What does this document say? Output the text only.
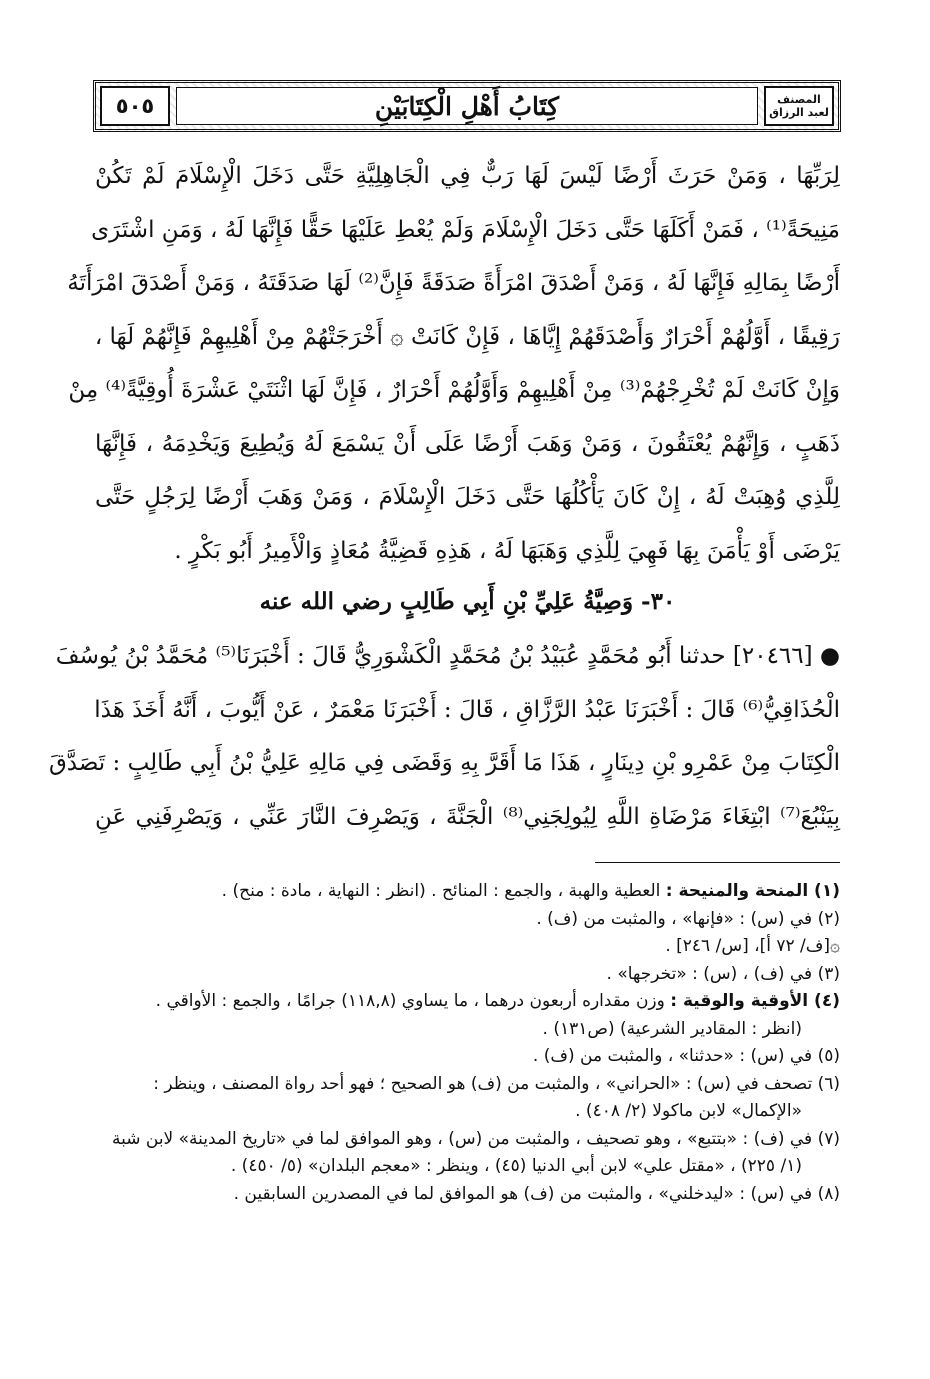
٥٠٥	كِتَابُ أَهْلِ الْكِتَابَيْنِ	المصنف
لعبد الرزاق
لِرَبِّهَا ، وَمَنْ حَرَثَ أَرْضًا لَيْسَ لَهَا رَبٌّ فِي الْجَاهِلِيَّةِ حَتَّى دَخَلَ الْإِسْلَامَ لَمْ تَكُنْ
مَنِيحَةً⁽¹⁾ ، فَمَنْ أَكَلَهَا حَتَّى دَخَلَ الْإِسْلَامَ وَلَمْ يُعْطِ عَلَيْهَا حَقًّا فَإِنَّهَا لَهُ ، وَمَنِ اشْتَرَى
أَرْضًا بِمَالِهِ فَإِنَّهَا لَهُ ، وَمَنْ أَصْدَقَ امْرَأَةً صَدَقَةً فَإِنَّ⁽²⁾ لَهَا صَدَقَتَهُ ، وَمَنْ أَصْدَقَ امْرَأَتَهُ
رَقِيقًا ، أَوَّلُهُمْ أَحْرَارٌ وَأَصْدَقَهُمْ إِيَّاهَا ، فَإِنْ كَانَتْ ۞ أَخْرَجَتْهُمْ مِنْ أَهْلِيهِمْ فَإِنَّهُمْ لَهَا ،
وَإِنْ كَانَتْ لَمْ تُخْرِجْهُمْ⁽³⁾ مِنْ أَهْلِيهِمْ وَأَوَّلُهُمْ أَحْرَارٌ ، فَإِنَّ لَهَا اثْنَتَيْ عَشْرَةَ أُوقِيَّةً⁽⁴⁾ مِنْ
ذَهَبٍ ، وَإِنَّهُمْ يُعْتَقُونَ ، وَمَنْ وَهَبَ أَرْضًا عَلَى أَنْ يَسْمَعَ لَهُ وَيُطِيعَ وَيَخْدِمَهُ ، فَإِنَّهَا
لِلَّذِي وُهِبَتْ لَهُ ، إِنْ كَانَ يَأْكُلُهَا حَتَّى دَخَلَ الْإِسْلَامَ ، وَمَنْ وَهَبَ أَرْضًا لِرَجُلٍ حَتَّى
يَرْضَى أَوْ يَأْمَنَ بِهَا فَهِيَ لِلَّذِي وَهَبَهَا لَهُ ، هَذِهِ قَضِيَّةُ مُعَاذٍ وَالْأَمِيرُ أَبُو بَكْرٍ .
٣٠- وَصِيَّةُ عَلِيِّ بْنِ أَبِي طَالِبٍ رضي الله عنه
● [٢٠٤٦٦] حدثنا أَبُو مُحَمَّدٍ عُبَيْدُ بْنُ مُحَمَّدٍ الْكَشْوَرِيُّ قَالَ : أَخْبَرَنَا⁽⁵⁾ مُحَمَّدُ بْنُ يُوسُفَ
الْحُذَاقِيُّ⁽⁶⁾ قَالَ : أَخْبَرَنَا عَبْدُ الرَّزَّاقِ ، قَالَ : أَخْبَرَنَا مَعْمَرٌ ، عَنْ أَيُّوبَ ، أَنَّهُ أَخَذَ هَذَا
الْكِتَابَ مِنْ عَمْرِو بْنِ دِينَارٍ ، هَذَا مَا أَقَرَّ بِهِ وَقَضَى فِي مَالِهِ عَلِيُّ بْنُ أَبِي طَالِبٍ : تَصَدَّقَ
بِيَنْبُعَ⁽⁷⁾ ابْتِغَاءَ مَرْضَاةِ اللَّهِ لِيُولِجَنِي⁽⁸⁾ الْجَنَّةَ ، وَيَصْرِفَ النَّارَ عَنِّي ، وَيَصْرِفَنِي عَنِ
(١) المنحة والمنيحة : العطية والهبة ، والجمع : المنائح . (انظر : النهاية ، مادة : منح) .
(٢) في (س) : «فإنها» ، والمثبت من (ف) .
۞[ف/ ٧٢ أ]، [س/ ٢٤٦] .
(٣) في (ف) ، (س) : «تخرجها» .
(٤) الأوقية والوقية : وزن مقداره أربعون درهما ، ما يساوي (١١٨,٨) جرامًا ، والجمع : الأواقي .
(انظر : المقادير الشرعية) (ص١٣١) .
(٥) في (س) : «حدثنا» ، والمثبت من (ف) .
(٦) تصحف في (س) : «الحراني» ، والمثبت من (ف) هو الصحيح ؛ فهو أحد رواة المصنف ، وينظر :
«الإكمال» لابن ماكولا (٢/ ٤٠٨) .
(٧) في (ف) : «بتتبع» ، وهو تصحيف ، والمثبت من (س) ، وهو الموافق لما في «تاريخ المدينة» لابن شبة
(١/ ٢٢٥) ، «مقتل علي» لابن أبي الدنيا (٤٥) ، وينظر : «معجم البلدان» (٥/ ٤٥٠) .
(٨) في (س) : «ليدخلني» ، والمثبت من (ف) هو الموافق لما في المصدرين السابقين .
